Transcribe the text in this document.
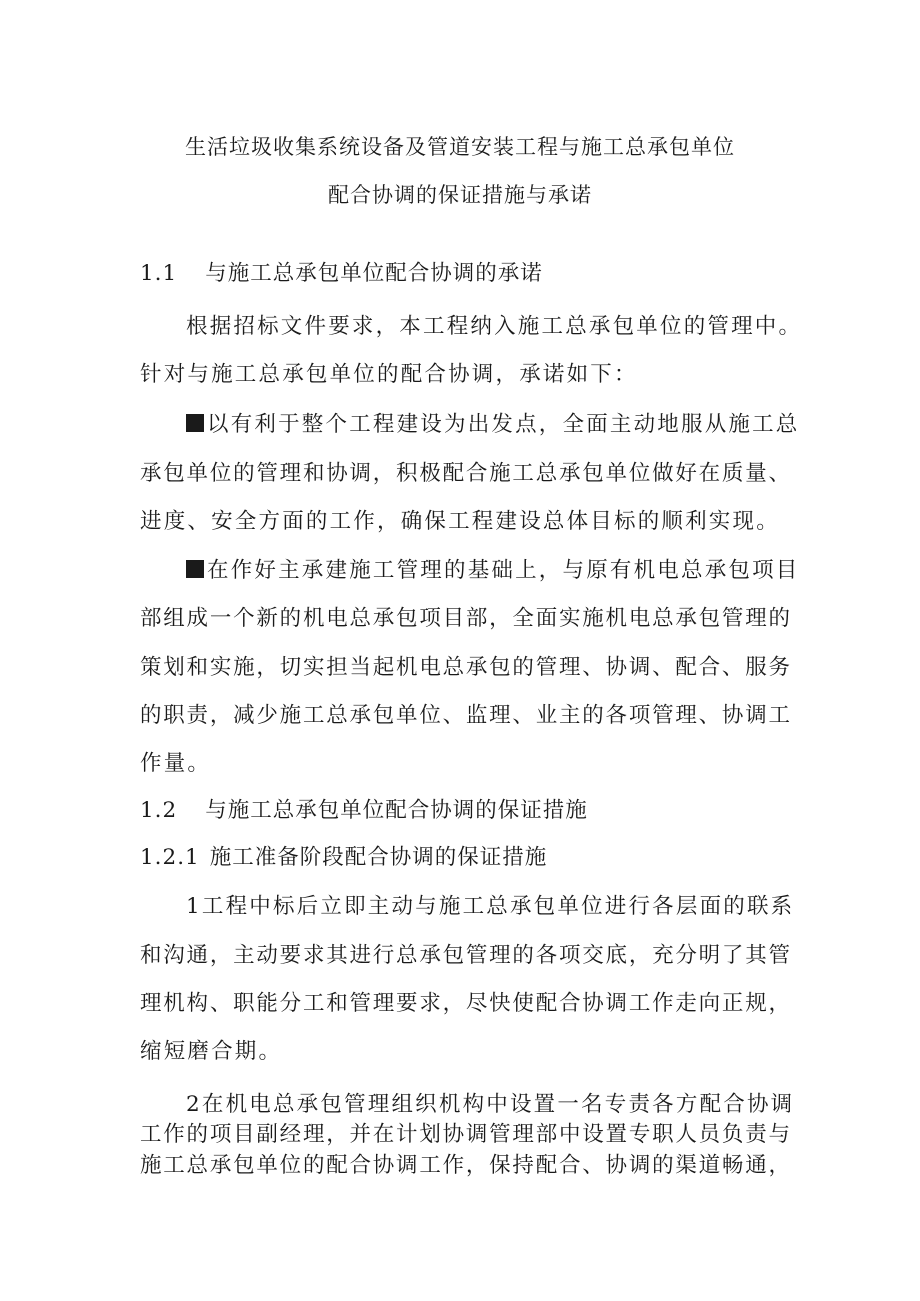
生活垃圾收集系统设备及管道安装工程与施工总承包单位
配合协调的保证措施与承诺
1.1 与施工总承包单位配合协调的承诺
根据招标文件要求，本工程纳入施工总承包单位的管理中。
针对与施工总承包单位的配合协调，承诺如下：
以有利于整个工程建设为出发点，全面主动地服从施工总
承包单位的管理和协调，积极配合施工总承包单位做好在质量、
进度、安全方面的工作，确保工程建设总体目标的顺利实现。
在作好主承建施工管理的基础上，与原有机电总承包项目
部组成一个新的机电总承包项目部，全面实施机电总承包管理的
策划和实施，切实担当起机电总承包的管理、协调、配合、服务
的职责，减少施工总承包单位、监理、业主的各项管理、协调工
作量。
1.2 与施工总承包单位配合协调的保证措施
1.2.1 施工准备阶段配合协调的保证措施
1工程中标后立即主动与施工总承包单位进行各层面的联系
和沟通，主动要求其进行总承包管理的各项交底，充分明了其管
理机构、职能分工和管理要求，尽快使配合协调工作走向正规，
缩短磨合期。
2在机电总承包管理组织机构中设置一名专责各方配合协调
工作的项目副经理，并在计划协调管理部中设置专职人员负责与
施工总承包单位的配合协调工作，保持配合、协调的渠道畅通，
